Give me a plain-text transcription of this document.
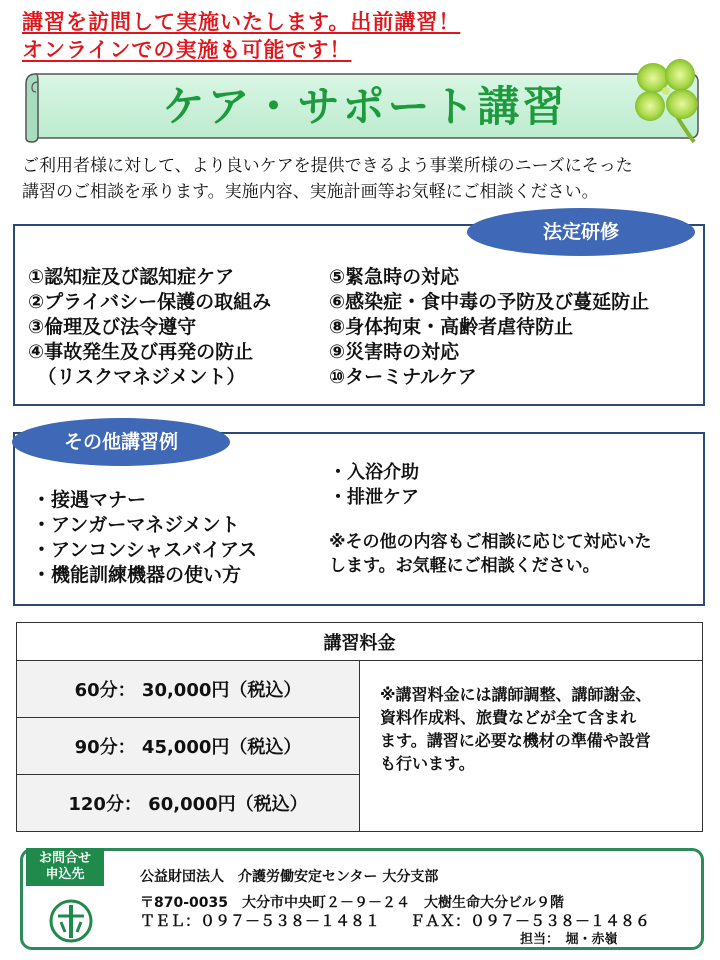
講習を訪問して実施いたします。出前講習！
オンラインでの実施も可能です！
ケア・サポート講習
ご利用者様に対して、より良いケアを提供できるよう事業所様のニーズにそった
講習のご相談を承ります。実施内容、実施計画等お気軽にご相談ください。
法定研修
①認知症及び認知症ケア
②プライバシー保護の取組み
③倫理及び法令遵守
④事故発生及び再発の防止
　（リスクマネジメント）
⑤緊急時の対応
⑥感染症・食中毒の予防及び蔓延防止
⑧身体拘束・高齢者虐待防止
⑨災害時の対応
⑩ターミナルケア
その他講習例
・接遇マナー
・アンガーマネジメント
・アンコンシャスバイアス
・機能訓練機器の使い方
・入浴介助
・排泄ケア
※その他の内容もご相談に応じて対応いた
します。お気軽にご相談ください。
講習料金
60分： 30,000円（税込）	※講習料金には講師調整、講師謝金、
資料作成料、旅費などが全て含まれ
ます。講習に必要な機材の準備や設営
も行います。

90分： 45,000円（税込）
120分： 60,000円（税込）
お問合せ
申込先	公益財団法人　介護労働安定センター 大分支部
〒870-0035　大分市中央町２－９－２４　大樹生命大分ビル９階
ＴＥＬ：０９７－５３８－１４８１　　ＦＡＸ：０９７－５３８－１４８６
担当：　堀・赤嶺
